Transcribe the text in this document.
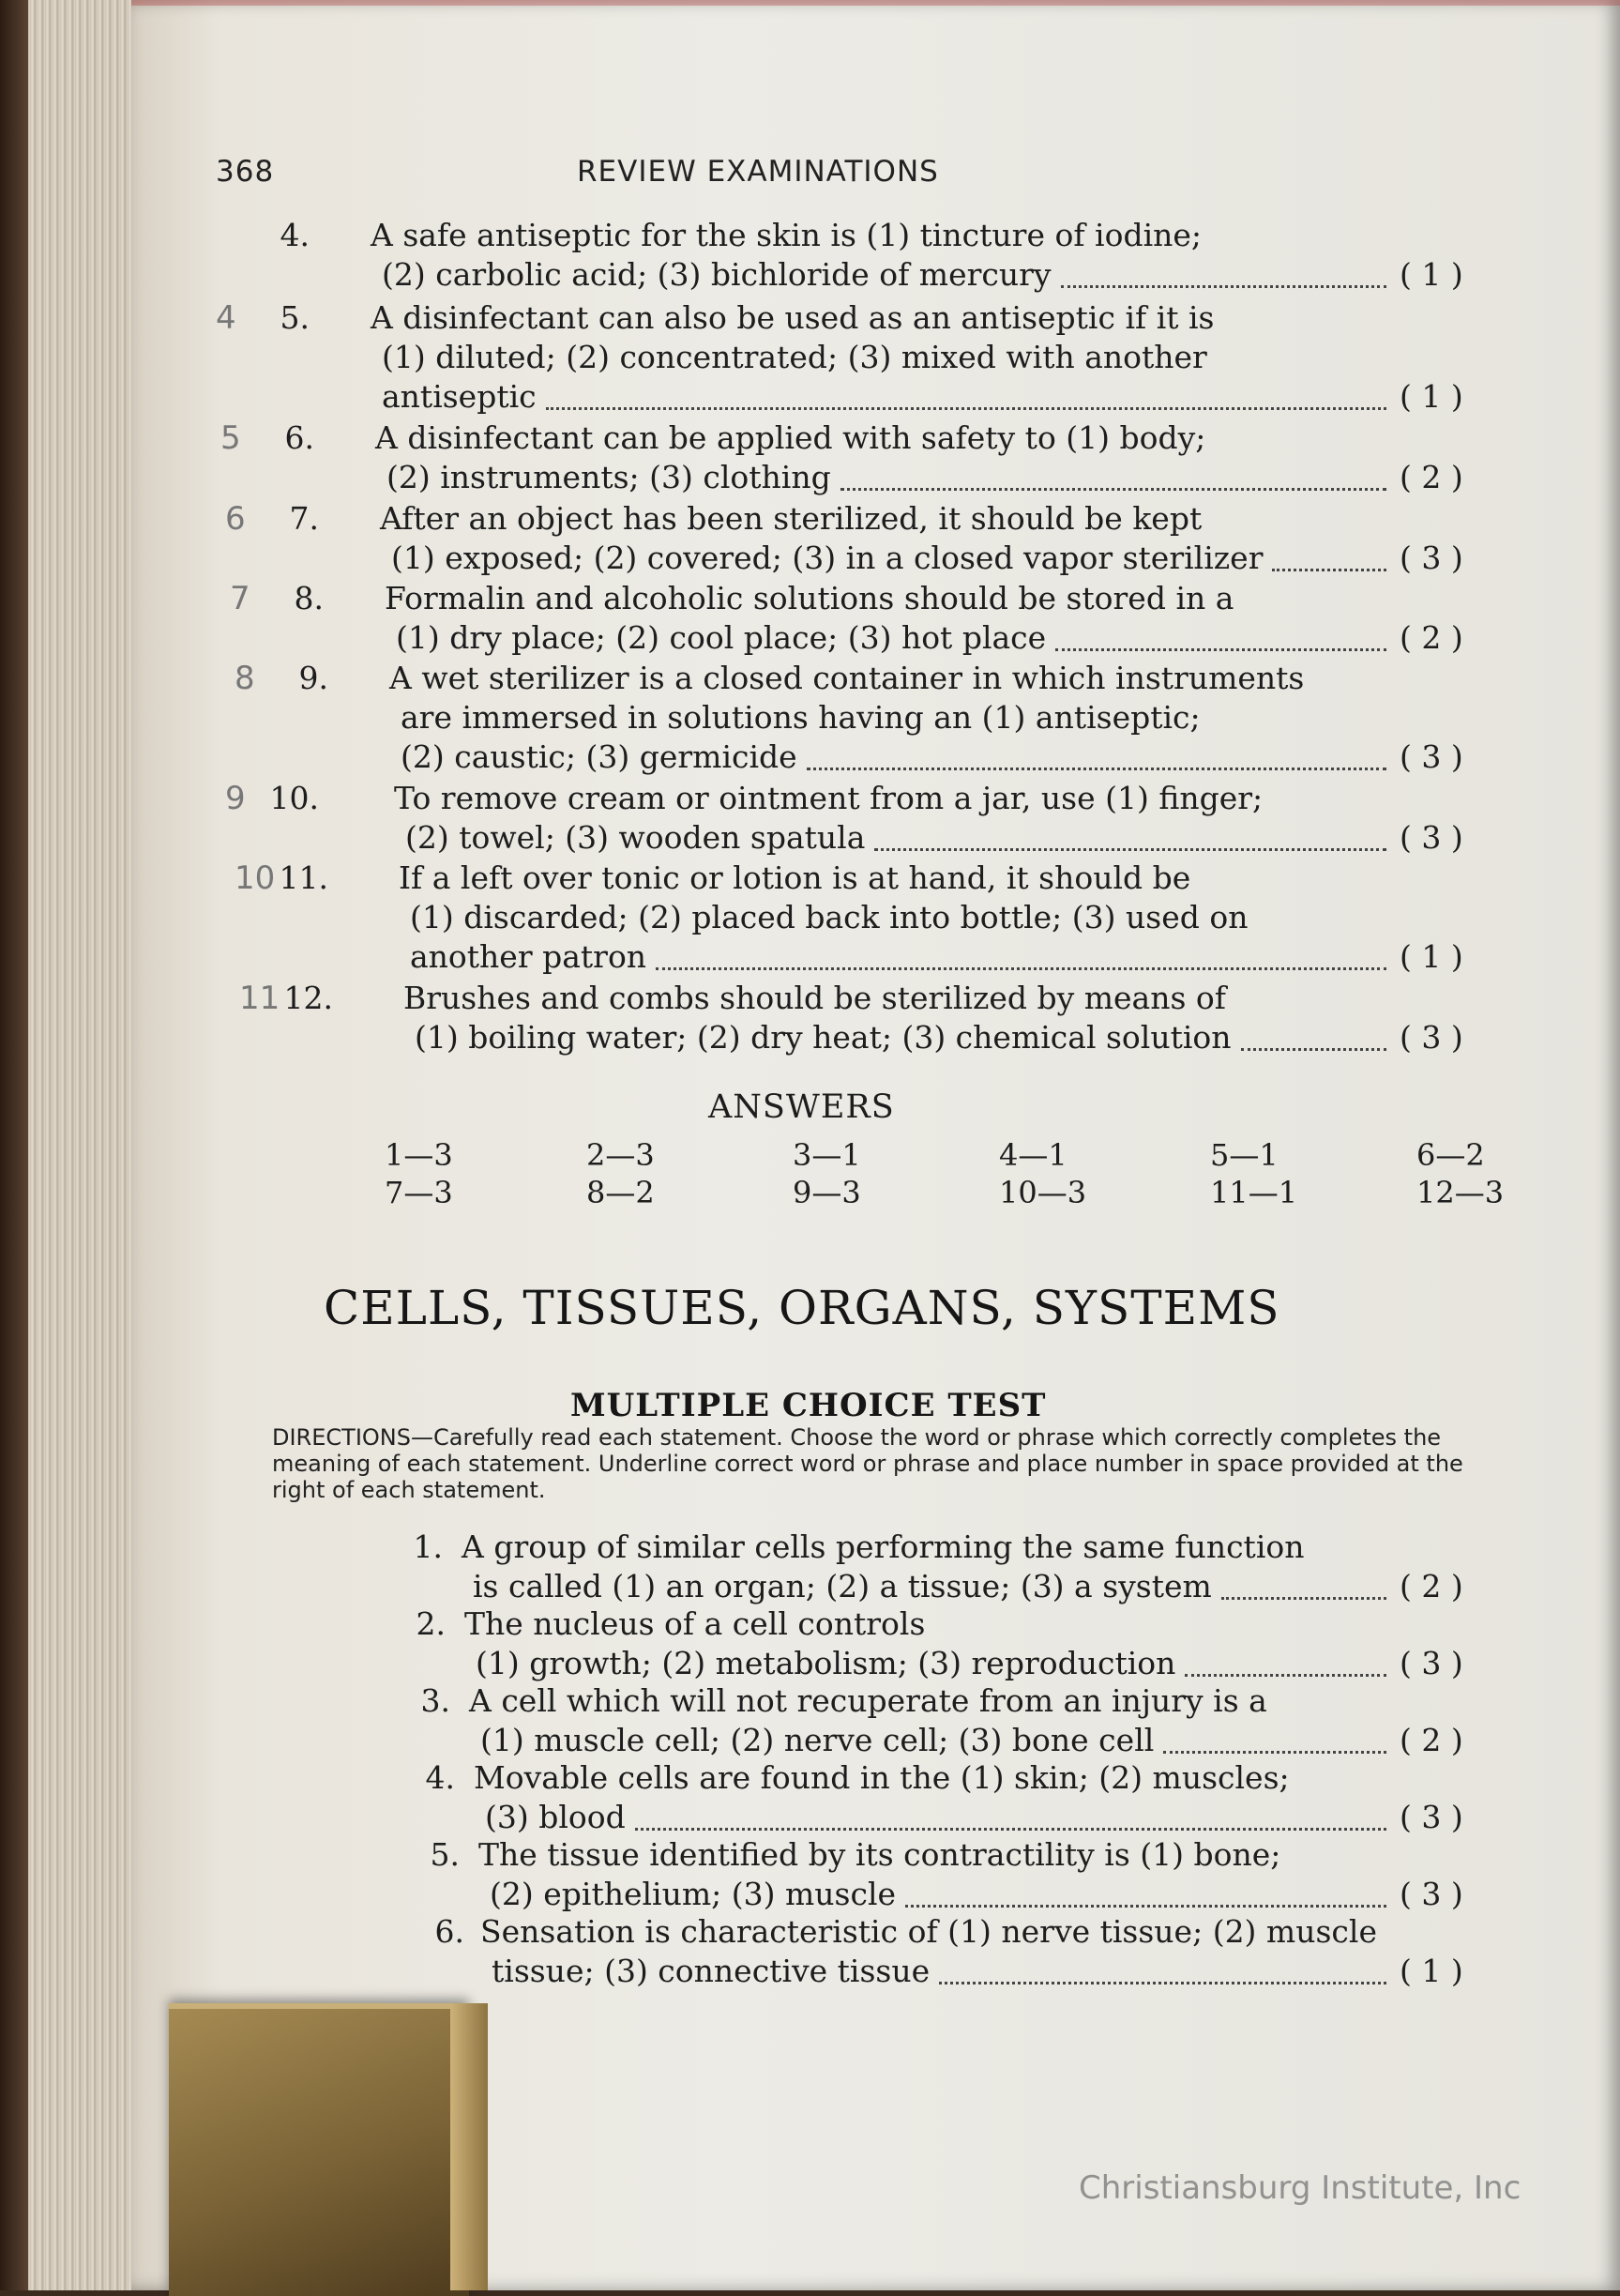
368	REVIEW EXAMINATIONS
4. A safe antiseptic for the skin is (1) tincture of iodine;
(2) carbolic acid; (3) bichloride of mercury	( 1 )
5. A disinfectant can also be used as an antiseptic if it is
(1) diluted; (2) concentrated; (3) mixed with another
antiseptic	( 1 )
4
6. A disinfectant can be applied with safety to (1) body;
(2) instruments; (3) clothing	( 2 )
5
7. After an object has been sterilized, it should be kept
(1) exposed; (2) covered; (3) in a closed vapor sterilizer	( 3 )
6
8. Formalin and alcoholic solutions should be stored in a
(1) dry place; (2) cool place; (3) hot place	( 2 )
7
9. A wet sterilizer is a closed container in which instruments
are immersed in solutions having an (1) antiseptic;
(2) caustic; (3) germicide	( 3 )
8
10. To remove cream or ointment from a jar, use (1) finger;
(2) towel; (3) wooden spatula	( 3 )
9
11. If a left over tonic or lotion is at hand, it should be
(1) discarded; (2) placed back into bottle; (3) used on
another patron	( 1 )
10
12. Brushes and combs should be sterilized by means of
(1) boiling water; (2) dry heat; (3) chemical solution	( 3 )
11
ANSWERS
1—3	2—3	3—1	4—1	5—1	6—2
7—3	8—2	9—3	10—3	11—1	12—3
CELLS, TISSUES, ORGANS, SYSTEMS
MULTIPLE CHOICE TEST
DIRECTIONS—Carefully read each statement. Choose the word or phrase which correctly completes the meaning of each statement. Underline correct word or phrase and place number in space provided at the right of each statement.
1. A group of similar cells performing the same function
is called (1) an organ; (2) a tissue; (3) a system	( 2 )
2. The nucleus of a cell controls
(1) growth; (2) metabolism; (3) reproduction	( 3 )
3. A cell which will not recuperate from an injury is a
(1) muscle cell; (2) nerve cell; (3) bone cell	( 2 )
4. Movable cells are found in the (1) skin; (2) muscles;
(3) blood	( 3 )
5. The tissue identified by its contractility is (1) bone;
(2) epithelium; (3) muscle	( 3 )
6. Sensation is characteristic of (1) nerve tissue; (2) muscle
tissue; (3) connective tissue	( 1 )
Christiansburg Institute, Inc
